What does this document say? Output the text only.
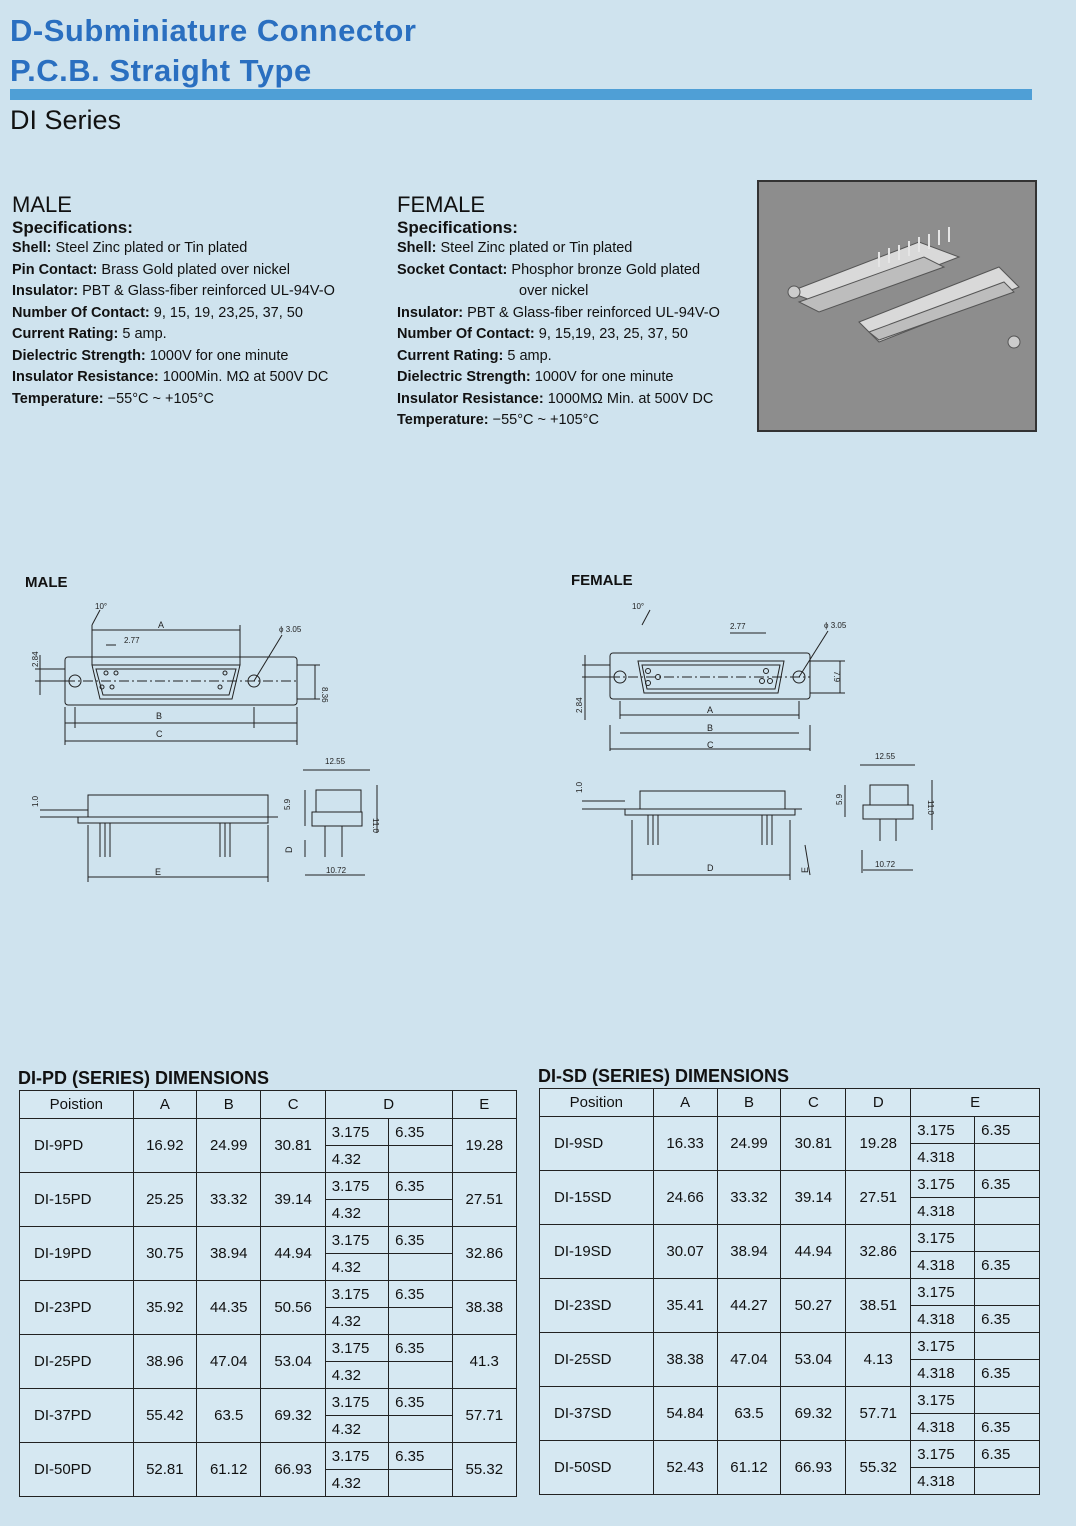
D-Subminiature Connector
P.C.B. Straight Type
DI Series
MALE
Specifications:
Shell: Steel Zinc plated or Tin plated
Pin Contact: Brass Gold plated over nickel
Insulator: PBT & Glass-fiber reinforced UL-94V-O
Number Of Contact: 9, 15, 19, 23,25, 37, 50
Current Rating: 5 amp.
Dielectric Strength: 1000V for one minute
Insulator Resistance: 1000Min. MΩ at 500V DC
Temperature: −55°C ~ +105°C
FEMALE
Specifications:
Shell: Steel Zinc plated or Tin plated
Socket Contact: Phosphor bronze Gold plated
over nickel
Insulator: PBT & Glass-fiber reinforced UL-94V-O
Number Of Contact: 9, 15,19, 23, 25, 37, 50
Current Rating: 5 amp.
Dielectric Strength: 1000V for one minute
Insulator Resistance: 1000MΩ Min. at 500V DC
Temperature: −55°C ~ +105°C
MALE	FEMALE
10°
A
2.77
ϕ 3.05
B
C
E
12.55
10.72
8.36
2.84
1.0	5.9
11.0
D
10°
2.77	ϕ 3.05
A
B
C
D
12.55
10.72
7.9
2.84
1.0
5.9
11.0
E
DI-PD (SERIES) DIMENSIONS
Poistion	A	B	C	D		E
DI-9PD	16.92	24.99	30.81	3.175	6.35	19.28
				4.32		
DI-15PD	25.25	33.32	39.14	3.175	6.35	27.51
				4.32		
DI-19PD	30.75	38.94	44.94	3.175	6.35	32.86
				4.32		
DI-23PD	35.92	44.35	50.56	3.175	6.35	38.38
				4.32		
DI-25PD	38.96	47.04	53.04	3.175	6.35	41.3
				4.32		
DI-37PD	55.42	63.5	69.32	3.175	6.35	57.71
				4.32		
DI-50PD	52.81	61.12	66.93	3.175	6.35	55.32
				4.32		
DI-SD (SERIES) DIMENSIONS
Position	A	B	C	D	E	
DI-9SD	16.33	24.99	30.81	19.28	3.175	6.35
					4.318	
DI-15SD	24.66	33.32	39.14	27.51	3.175	6.35
					4.318	
DI-19SD	30.07	38.94	44.94	32.86	3.175	
					4.318	6.35
DI-23SD	35.41	44.27	50.27	38.51	3.175	
					4.318	6.35
DI-25SD	38.38	47.04	53.04	4.13	3.175	
					4.318	6.35
DI-37SD	54.84	63.5	69.32	57.71	3.175	
					4.318	6.35
DI-50SD	52.43	61.12	66.93	55.32	3.175	6.35
					4.318	
